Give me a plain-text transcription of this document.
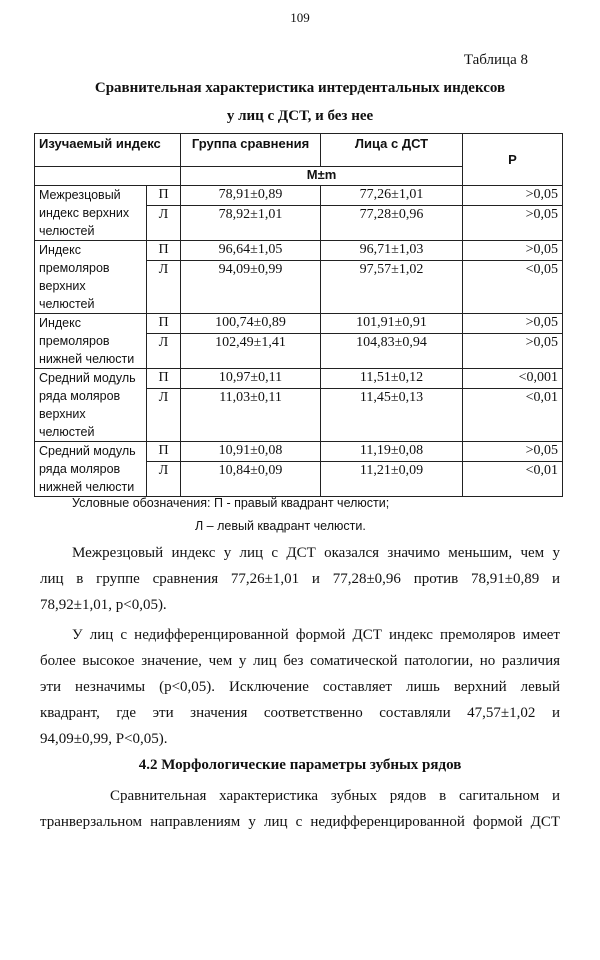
109
Таблица 8
Сравнительная характеристика интердентальных индексов
у лиц с ДСТ, и без нее
Изучаемый индекс		Группа сравнения	Лица с ДСТ	Р
		M±m		
Межрезцовый индекс верхних челюстей	П	78,91±0,89	77,26±1,01	>0,05
	Л	78,92±1,01	77,28±0,96	>0,05
Индекс премоляров верхних челюстей	П	96,64±1,05	96,71±1,03	>0,05
	Л	94,09±0,99	97,57±1,02	<0,05
Индекс премоляров нижней челюсти	П	100,74±0,89	101,91±0,91	>0,05
	Л	102,49±1,41	104,83±0,94	>0,05
Средний модуль ряда моляров верхних челюстей	П	10,97±0,11	11,51±0,12	<0,001
	Л	11,03±0,11	11,45±0,13	<0,01
Средний модуль ряда моляров нижней челюсти	П	10,91±0,08	11,19±0,08	>0,05
	Л	10,84±0,09	11,21±0,09	<0,01
Условные обозначения: П - правый квадрант челюсти;
Л – левый квадрант челюсти.
Межрезцовый индекс у лиц с ДСТ оказался значимо меньшим, чем у
лиц в группе сравнения 77,26±1,01 и 77,28±0,96 против 78,91±0,89 и
78,92±1,01, р<0,05).
У лиц с недифференцированной формой ДСТ индекс премоляров имеет
более высокое значение, чем у лиц без соматической патологии, но различия
эти незначимы (р<0,05). Исключение составляет лишь верхний левый
квадрант, где эти значения соответственно составляли 47,57±1,02 и
94,09±0,99, Р<0,05).
4.2 Морфологические параметры зубных рядов
Сравнительная характеристика зубных рядов в сагитальном и
транверзальном направлениям у лиц с недифференцированной формой ДСТ
